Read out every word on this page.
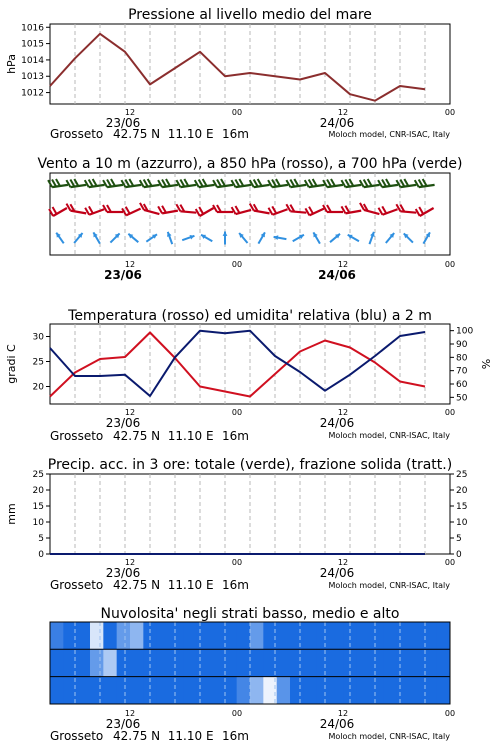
Pressione al livello medio del mare
1012
1013
1014
1015
1016
hPa
12	00	12	00
23/06	24/06
Grosseto 42.75 N  11.10 E 16m	Moloch model, CNR-ISAC, Italy
Vento a 10 m (azzurro), a 850 hPa (rosso), a 700 hPa (verde)
12	00	12	00
23/06	24/06
Temperatura (rosso) ed umidita' relativa (blu) a 2 m
20
25
30
50
60
70
80
90
100
gradi C	%
12	00	12	00
23/06	24/06
Grosseto 42.75 N  11.10 E 16m	Moloch model, CNR-ISAC, Italy
Precip. acc. in 3 ore: totale (verde), frazione solida (tratt.)
0
5
10
15
20
25
0
5
10
15
20
25
mm
12	00	12	00
23/06	24/06
Grosseto 42.75 N  11.10 E 16m	Moloch model, CNR-ISAC, Italy
Nuvolosita' negli strati basso, medio e alto
12	00	12	00
23/06	24/06
Grosseto 42.75 N  11.10 E 16m	Moloch model, CNR-ISAC, Italy
